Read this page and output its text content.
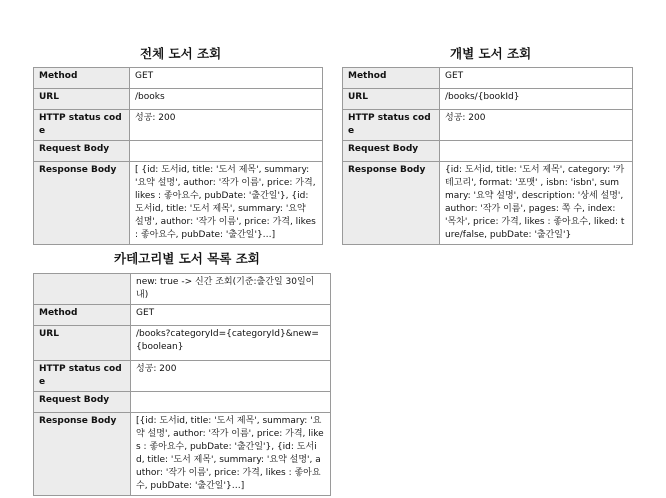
전체 도서 조회
Method	GET
URL	/books
HTTP status code	성공: 200
Request Body	
Response Body	[ {id: 도서id, title: '도서 제목', summary: '요약 설명', author: '작가 이름', price: 가격, likes : 좋아요수, pubDate: '출간일'}, {id: 도서id, title: '도서 제목', summary: '요약 설명', author: '작가 이름', price: 가격, likes : 좋아요수, pubDate: '출간일'}…]
개별 도서 조회
Method	GET
URL	/books/{bookId}
HTTP status code	성공: 200
Request Body	
Response Body	{id: 도서id, title: '도서 제목', category: '카테고리', format: '포맷' , isbn: 'isbn', summary: '요약 설명', description: '상세 설명', author: '작가 이름', pages: 쪽 수, index: '목차', price: 가격, likes : 좋아요수, liked: ture/false, pubDate: '출간일'}
카테고리별 도서 목록 조회
	new: true -> 신간 조회(기준:출간일 30일이내)
Method	GET
URL	/books?categoryId={categoryId}&new={boolean}
HTTP status code	성공: 200
Request Body	
Response Body	[{id: 도서id, title: '도서 제목', summary: '요약 설명', author: '작가 이름', price: 가격, likes : 좋아요수, pubDate: '출간일'}, {id: 도서id, title: '도서 제목', summary: '요약 설명', author: '작가 이름', price: 가격, likes : 좋아요수, pubDate: '출간일'}…]
